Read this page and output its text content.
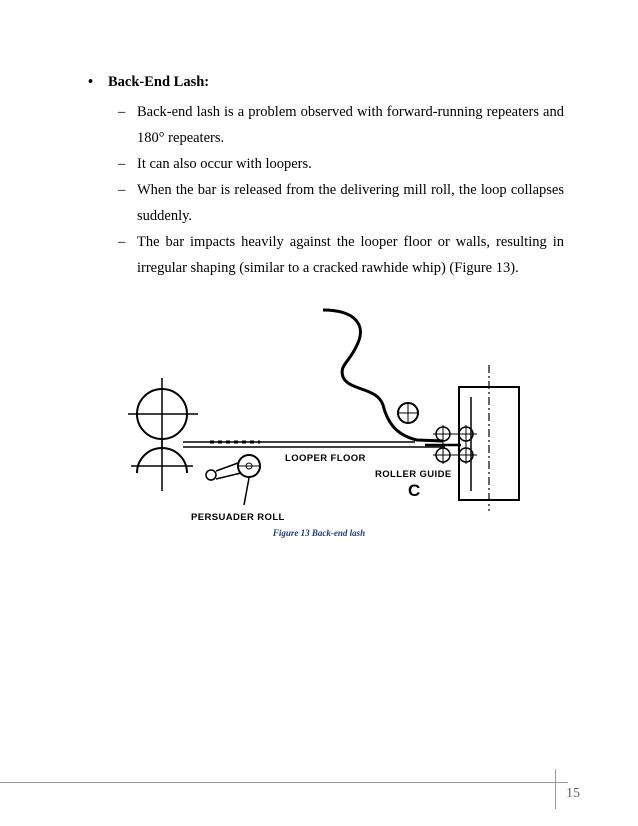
• Back-End Lash:
– Back-end lash is a problem observed with forward-running repeaters and 180° repeaters.
– It can also occur with loopers.
– When the bar is released from the delivering mill roll, the loop collapses suddenly.
– The bar impacts heavily against the looper floor or walls, resulting in irregular shaping (similar to a cracked rawhide whip) (Figure 13).
LOOPER FLOOR
ROLLER GUIDE
C
PERSUADER ROLL
Figure 13 Back-end lash
15
